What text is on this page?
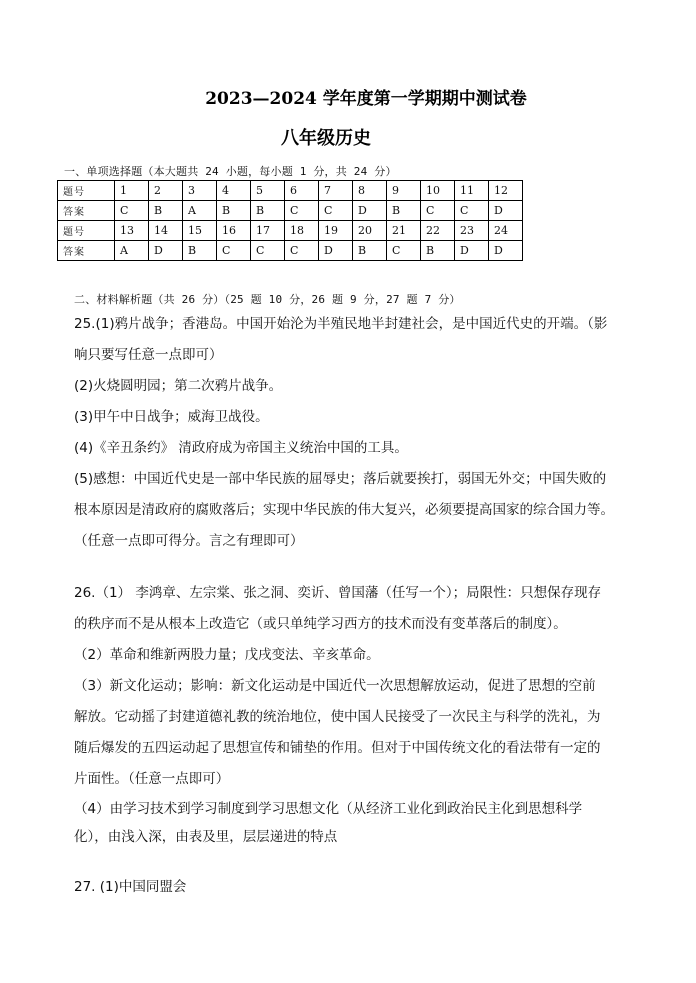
2023—2024 学年度第一学期期中测试卷
八年级历史
一、单项选择题（本大题共 24 小题，每小题 1 分，共 24 分）
题号	1	2	3	4	5	6	7	8	9	10	11	12
答案	C	B	A	B	B	C	C	D	B	C	C	D
题号	13	14	15	16	17	18	19	20	21	22	23	24
答案	A	D	B	C	C	C	D	B	C	B	D	D
二、材料解析题（共 26 分）（25 题 10 分，26 题 9 分，27 题 7 分）
25.(1)鸦片战争；香港岛。中国开始沦为半殖民地半封建社会，是中国近代史的开端。（影
响只要写任意一点即可）
(2)火烧圆明园；第二次鸦片战争。
(3)甲午中日战争；威海卫战役。
(4)《辛丑条约》 清政府成为帝国主义统治中国的工具。
(5)感想：中国近代史是一部中华民族的屈辱史；落后就要挨打，弱国无外交；中国失败的
根本原因是清政府的腐败落后；实现中华民族的伟大复兴，必须要提高国家的综合国力等。
（任意一点即可得分。言之有理即可）
26.（1） 李鸿章、左宗棠、张之洞、奕䜣、曾国藩（任写一个）；局限性：只想保存现存
的秩序而不是从根本上改造它（或只单纯学习西方的技术而没有变革落后的制度）。
（2）革命和维新两股力量；戊戌变法、辛亥革命。
（3）新文化运动；影响：新文化运动是中国近代一次思想解放运动，促进了思想的空前
解放。它动摇了封建道德礼教的统治地位，使中国人民接受了一次民主与科学的洗礼，为
随后爆发的五四运动起了思想宣传和铺垫的作用。但对于中国传统文化的看法带有一定的
片面性。（任意一点即可）
（4）由学习技术到学习制度到学习思想文化（从经济工业化到政治民主化到思想科学
化），由浅入深，由表及里，层层递进的特点
27. (1)中国同盟会
